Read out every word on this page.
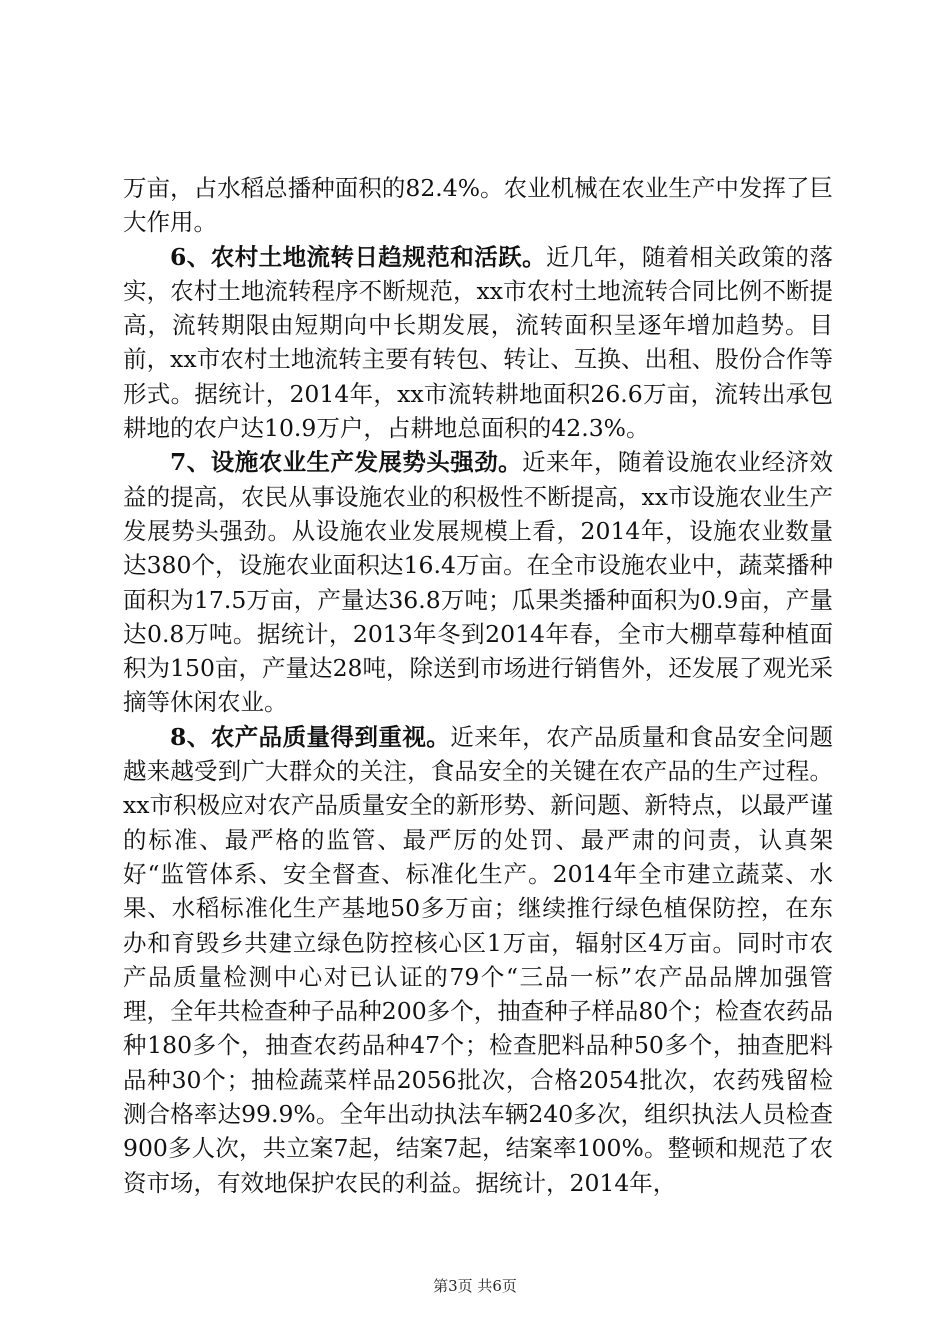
万亩，占水稻总播种面积的82.4%。农业机械在农业生产中发挥了巨大作用。

6、农村土地流转日趋规范和活跃。近几年，随着相关政策的落实，农村土地流转程序不断规范，xx市农村土地流转合同比例不断提高，流转期限由短期向中长期发展，流转面积呈逐年增加趋势。目前，xx市农村土地流转主要有转包、转让、互换、出租、股份合作等形式。据统计，2014年，xx市流转耕地面积26.6万亩，流转出承包耕地的农户达10.9万户，占耕地总面积的42.3%。

7、设施农业生产发展势头强劲。近来年，随着设施农业经济效益的提高，农民从事设施农业的积极性不断提高，xx市设施农业生产发展势头强劲。从设施农业发展规模上看，2014年，设施农业数量达380个，设施农业面积达16.4万亩。在全市设施农业中，蔬菜播种面积为17.5万亩，产量达36.8万吨；瓜果类播种面积为0.9亩，产量达0.8万吨。据统计，2013年冬到2014年春，全市大棚草莓种植面积为150亩，产量达28吨，除送到市场进行销售外，还发展了观光采摘等休闲农业。

8、农产品质量得到重视。近来年，农产品质量和食品安全问题越来越受到广大群众的关注，食品安全的关键在农产品的生产过程。xx市积极应对农产品质量安全的新形势、新问题、新特点，以最严谨的标准、最严格的监管、最严厉的处罚、最严肃的问责，认真架好“监管体系、安全督查、标准化生产。2014年全市建立蔬菜、水果、水稻标准化生产基地50多万亩；继续推行绿色植保防控，在东办和育毁乡共建立绿色防控核心区1万亩，辐射区4万亩。同时市农产品质量检测中心对已认证的79个“三品一标”农产品品牌加强管理，全年共检查种子品种200多个，抽查种子样品80个；检查农药品种180多个，抽查农药品种47个；检查肥料品种50多个，抽查肥料品种30个；抽检蔬菜样品2056批次，合格2054批次，农药残留检测合格率达99.9%。全年出动执法车辆240多次，组织执法人员检查900多人次，共立案7起，结案7起，结案率100%。整顿和规范了农资市场，有效地保护农民的利益。据统计，2014年，

第3页 共6页
